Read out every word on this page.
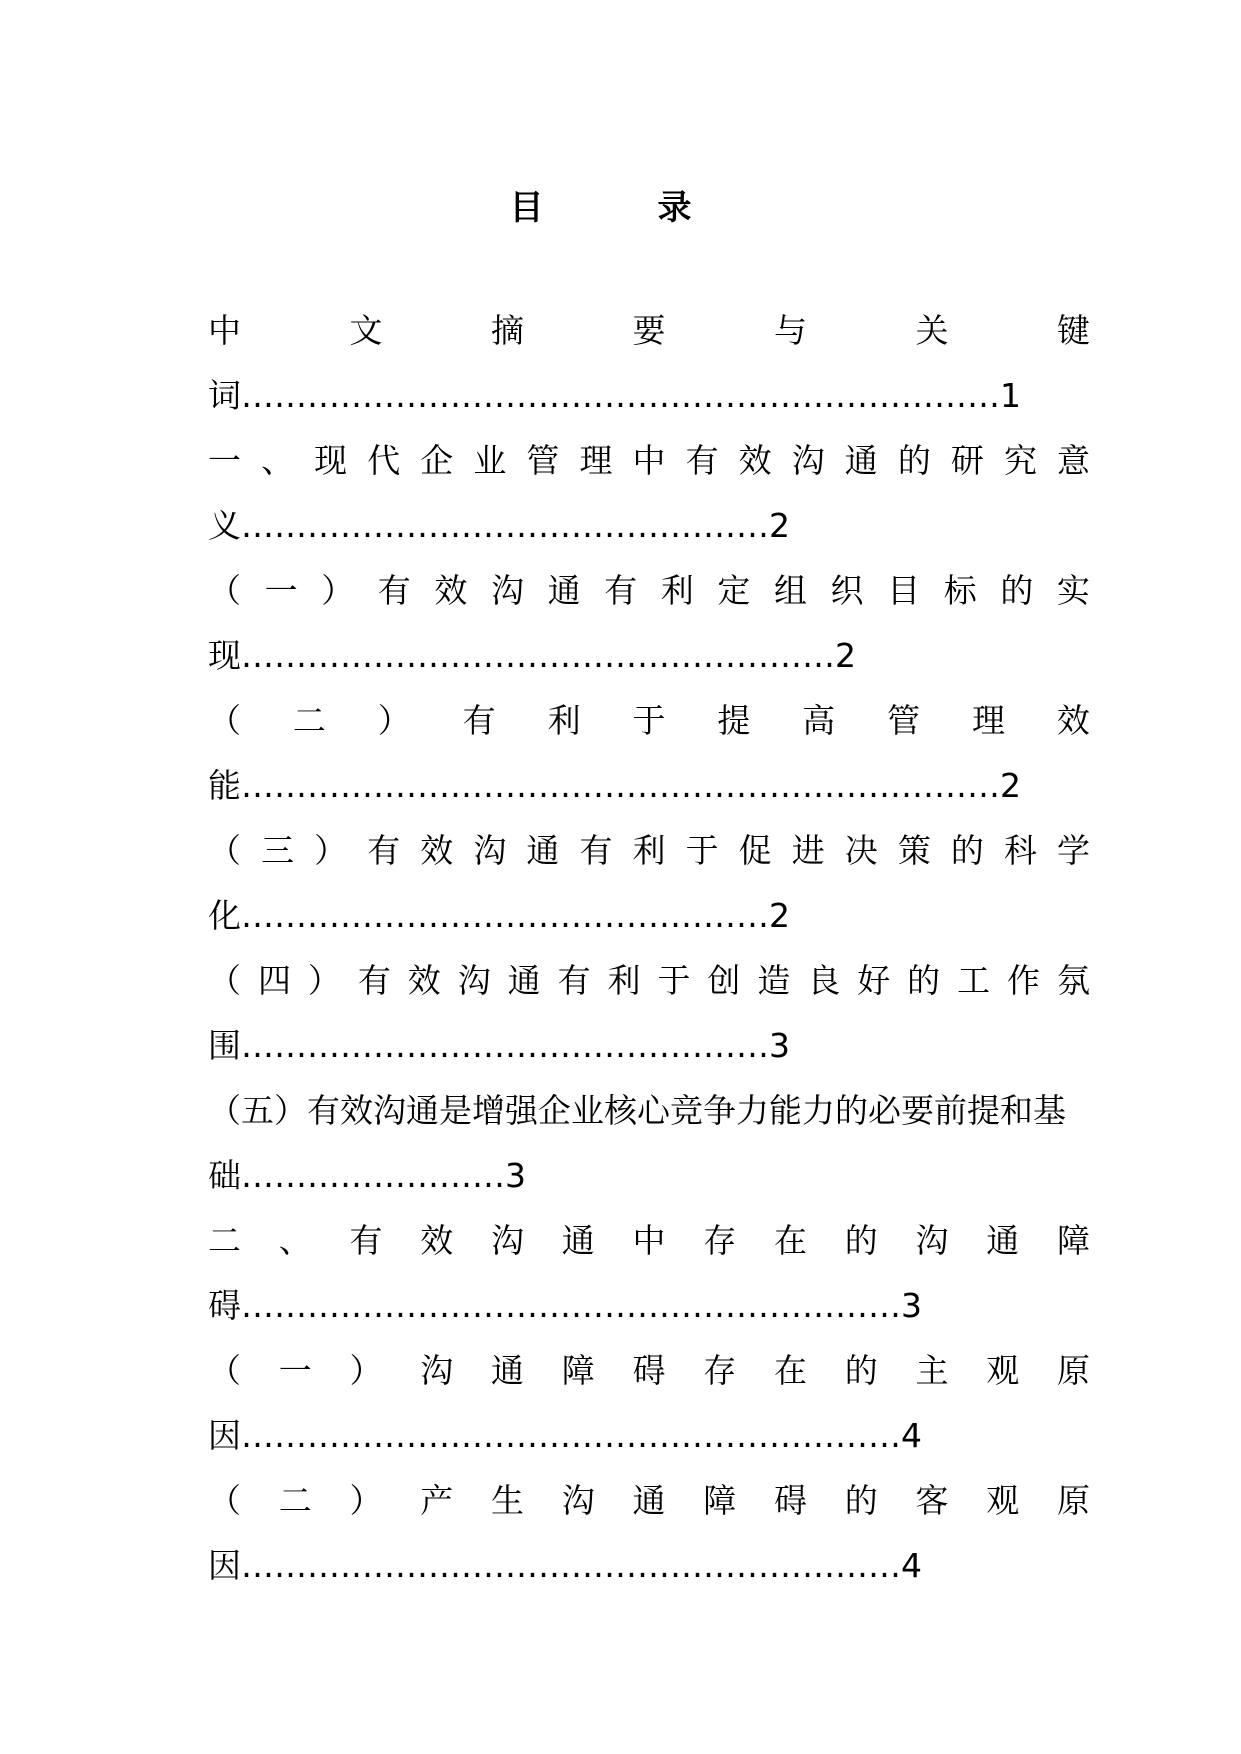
目　录
中	文	摘	要	与	关	键
词……………………………………………………………1
一 、 现 代 企 业 管 理 中 有 效 沟 通 的 研 究 意
义…………………………………………2
（ 一 ） 有 效 沟 通 有 利 定 组 织 目 标 的 实
现………………………………………………2
（ 二 ） 有 利 于 提 高 管 理 效
能……………………………………………………………2
（ 三 ） 有 效 沟 通 有 利 于 促 进 决 策 的 科 学
化…………………………………………2
（ 四 ） 有 效 沟 通 有 利 于 创 造 良 好 的 工 作 氛
围…………………………………………3
（ 五 ） 有 效 沟 通 是 增 强 企 业 核 心 竞 争 力 能 力 的 必 要 前 提 和 基
础……………………3
二 、 有 效 沟 通 中 存 在 的 沟 通 障
碍……………………………………………………3
（ 一 ） 沟 通 障 碍 存 在 的 主 观 原
因……………………………………………………4
（ 二 ） 产 生 沟 通 障 碍 的 客 观 原
因……………………………………………………4
